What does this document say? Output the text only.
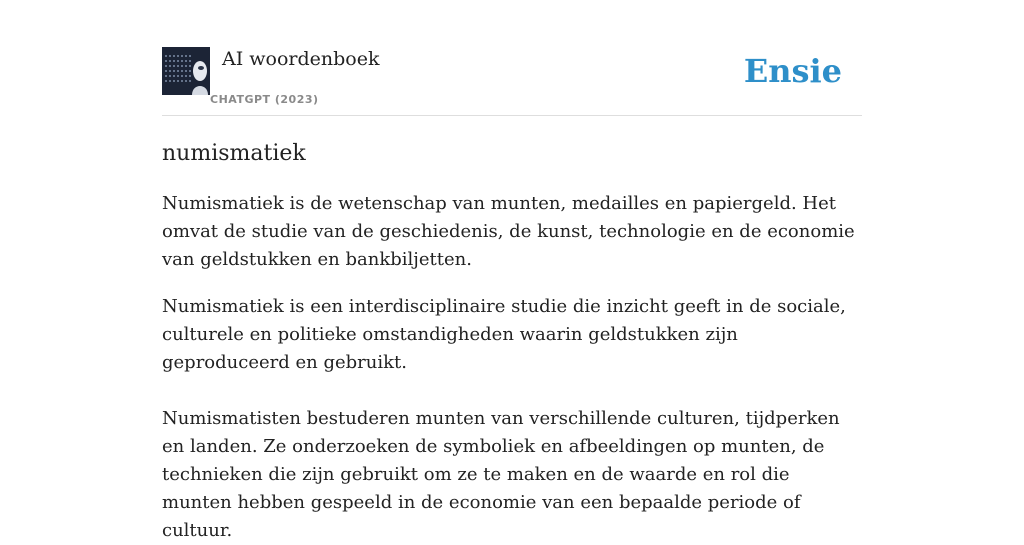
AI woordenboek
CHATGPT (2023)
Ensie
numismatiek

Numismatiek is de wetenschap van munten, medailles en papiergeld. Het omvat de studie van de geschiedenis, de kunst, technologie en de economie van geldstukken en bankbiljetten.

Numismatiek is een interdisciplinaire studie die inzicht geeft in de sociale, culturele en politieke omstandigheden waarin geldstukken zijn geproduceerd en gebruikt.

Numismatisten bestuderen munten van verschillende culturen, tijdperken en landen. Ze onderzoeken de symboliek en afbeeldingen op munten, de technieken die zijn gebruikt om ze te maken en de waarde en rol die munten hebben gespeeld in de economie van een bepaalde periode of cultuur.
